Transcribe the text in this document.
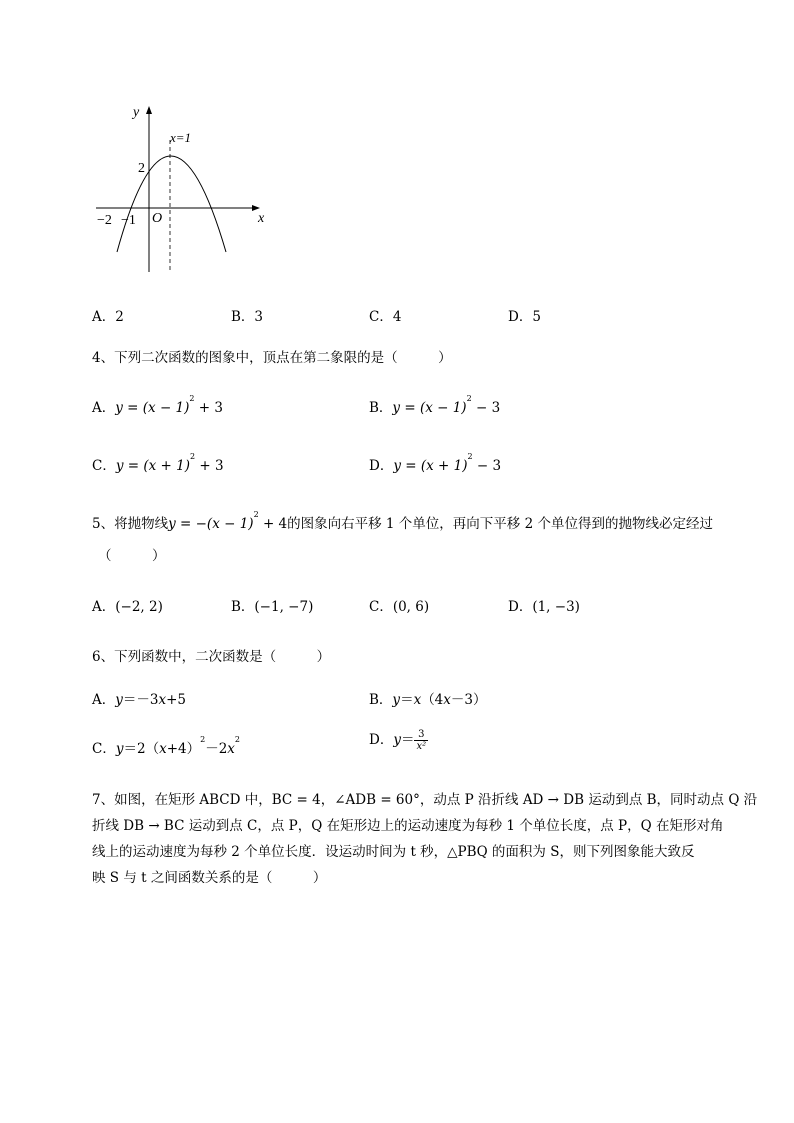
y
x
x=1
2
−2 −1 O
A．2	B．3	C．4	D．5
4、下列二次函数的图象中，顶点在第二象限的是（　　　）
A．$y = (x - 1)^2 + 3$	B．$y = (x - 1)^2 - 3$
C．$y = (x + 1)^2 + 3$	D．$y = (x + 1)^2 - 3$
5、将抛物线$y = -(x - 1)^2 + 4$的图象向右平移 1 个单位，再向下平移 2 个单位得到的抛物线必定经过
（　　　）
A．(−2, 2)	B．(−1, −7)	C．(0, 6)	D．(1, −3)
6、下列函数中，二次函数是（　　　）
A．y＝－3x+5	B．y＝x（4x－3）
C．$y=2(x+4)^2-2x^2$	D．$y= \frac{3}{\text{x²}}$
7、如图，在矩形 ABCD 中，BC = 4，∠ADB = 60°，动点 P 沿折线 AD → DB 运动到点 B，同时动点 Q 沿
折线 DB → BC 运动到点 C，点 P，Q 在矩形边上的运动速度为每秒 1 个单位长度，点 P，Q 在矩形对角
线上的运动速度为每秒 2 个单位长度．设运动时间为 t 秒，△PBQ 的面积为 S，则下列图象能大致反
映 S 与 t 之间函数关系的是（　　　）
